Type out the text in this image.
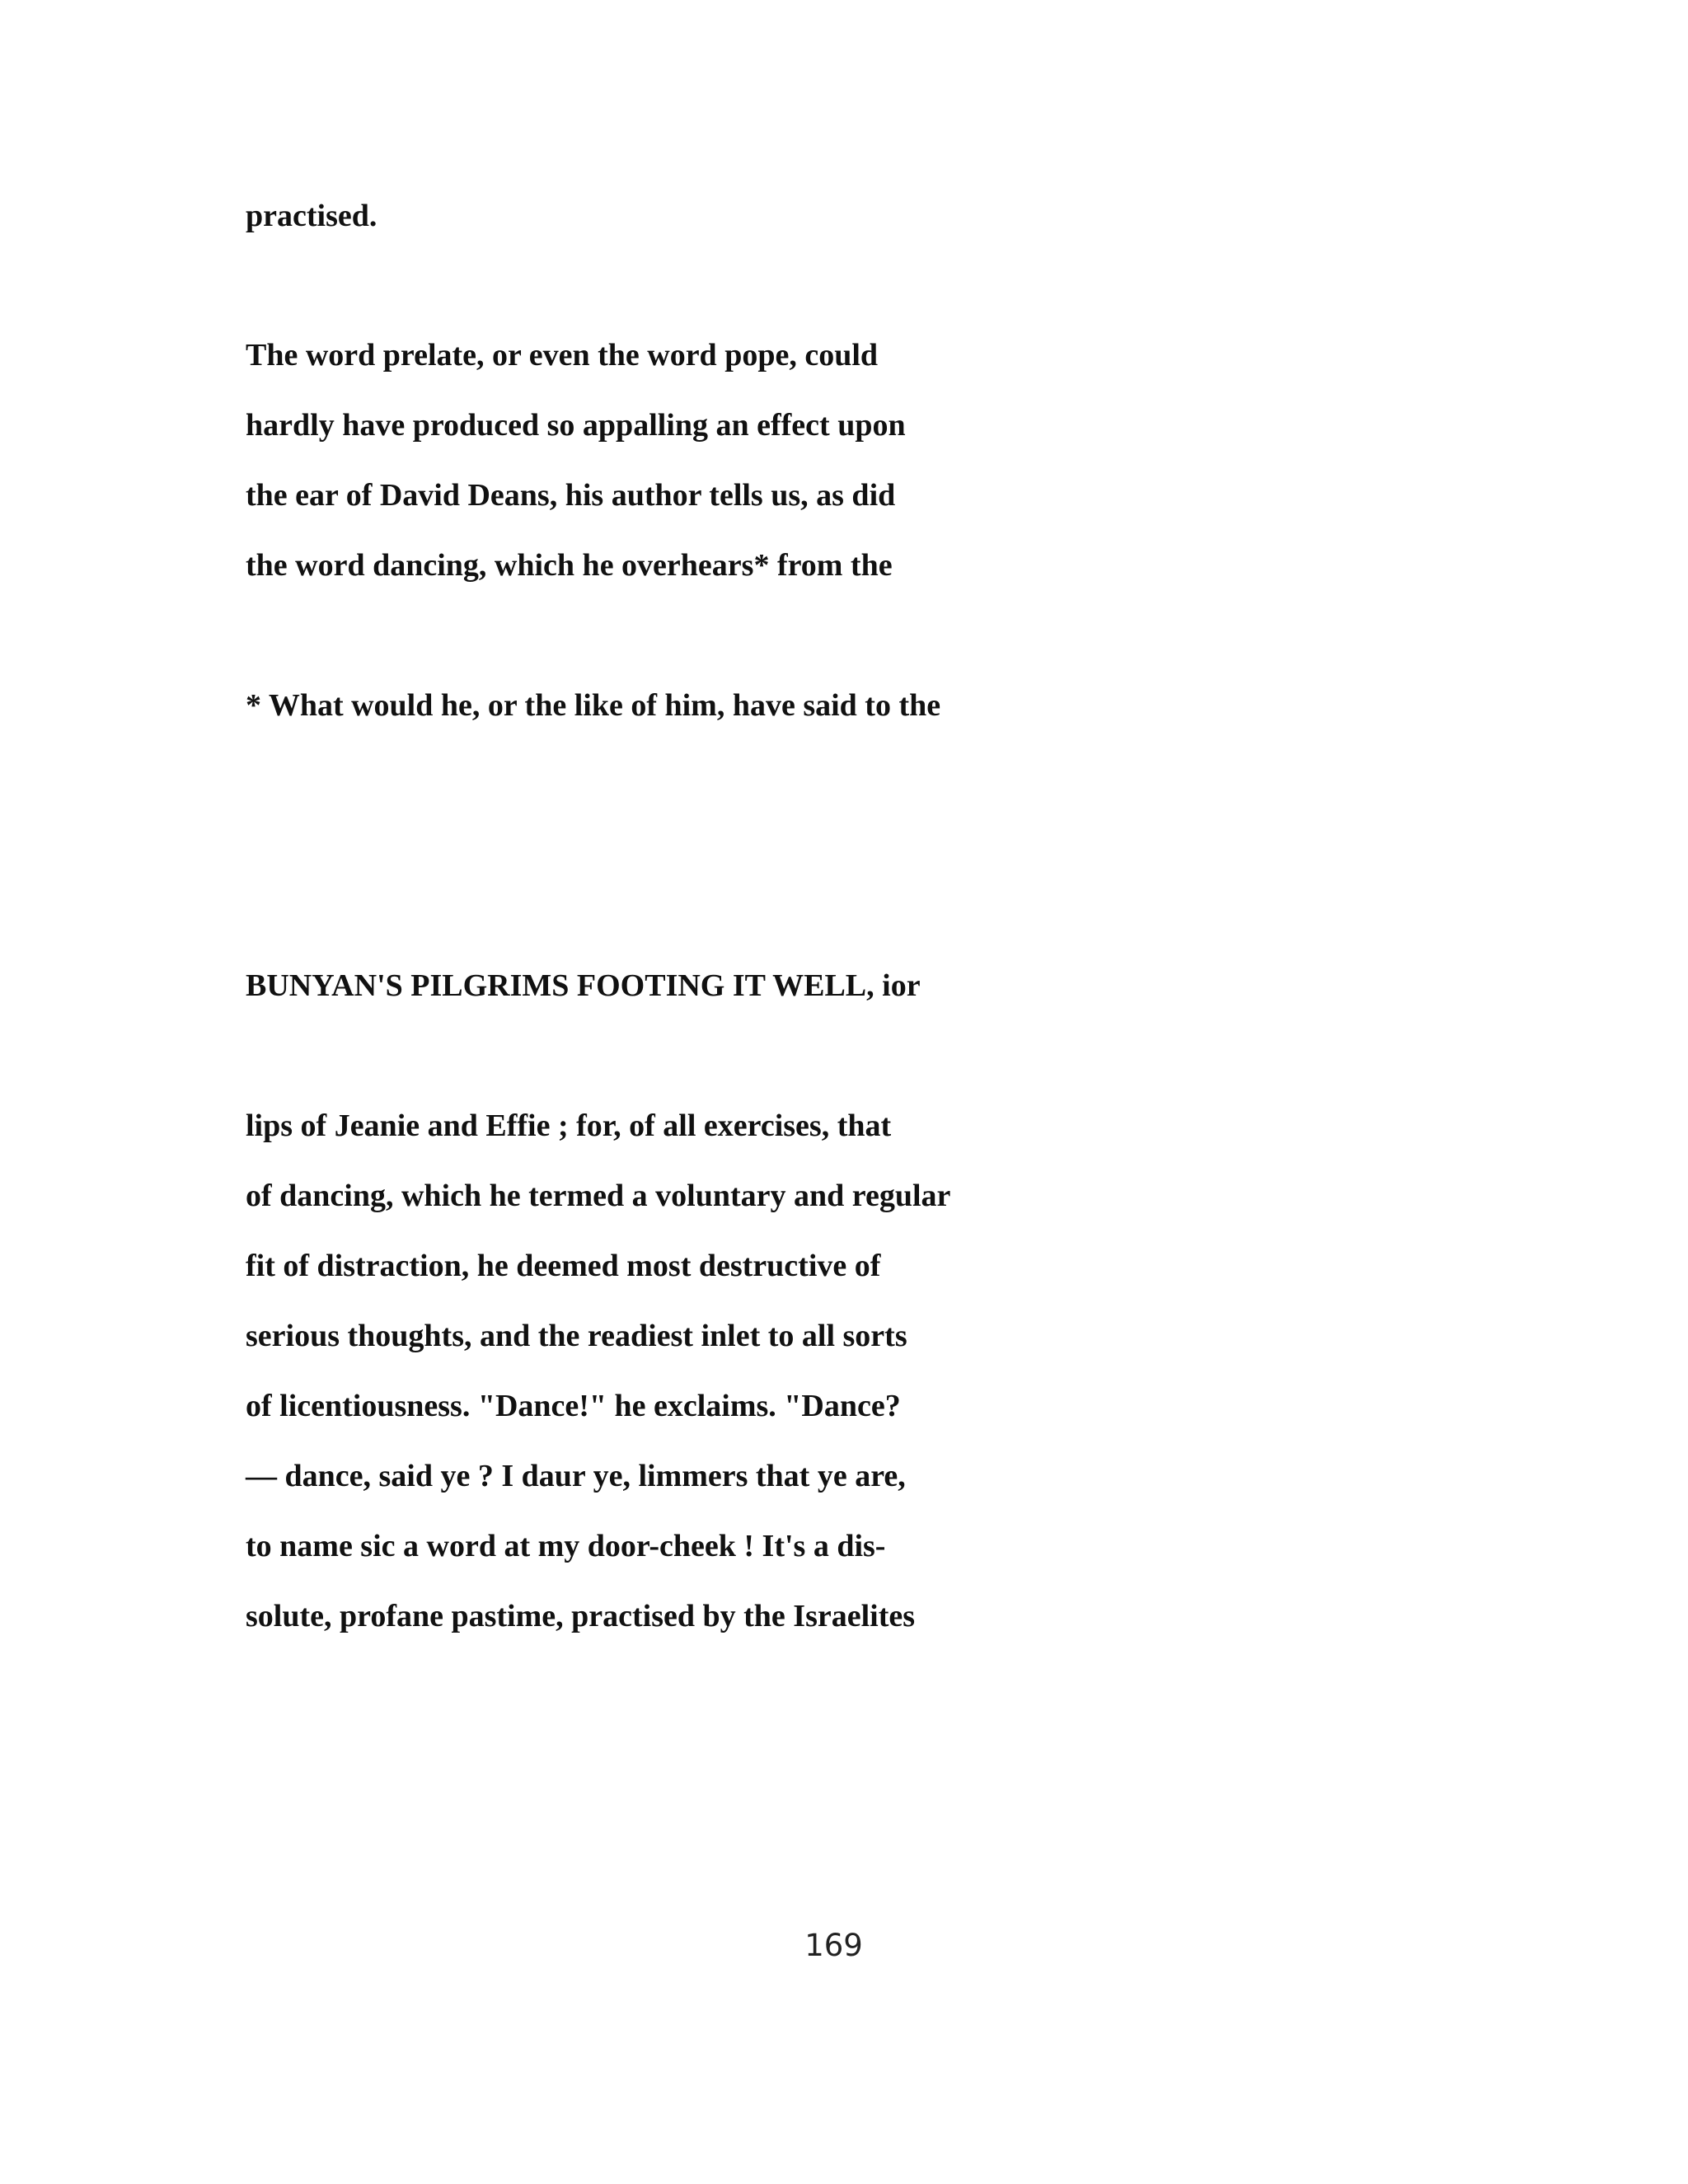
practised.

The word prelate, or even the word pope, could

hardly have produced so appalling an effect upon

the ear of David Deans, his author tells us, as did

the word dancing, which he overhears* from the

* What would he, or the like of him, have said to the

BUNYAN'S PILGRIMS FOOTING IT WELL, ior

lips of Jeanie and Effie ; for, of all exercises, that

of dancing, which he termed a voluntary and regular

fit of distraction, he deemed most destructive of

serious thoughts, and the readiest inlet to all sorts

of licentiousness. "Dance!" he exclaims. "Dance?

— dance, said ye ? I daur ye, limmers that ye are,

to name sic a word at my door-cheek ! It's a dis-

solute, profane pastime, practised by the Israelites

169
